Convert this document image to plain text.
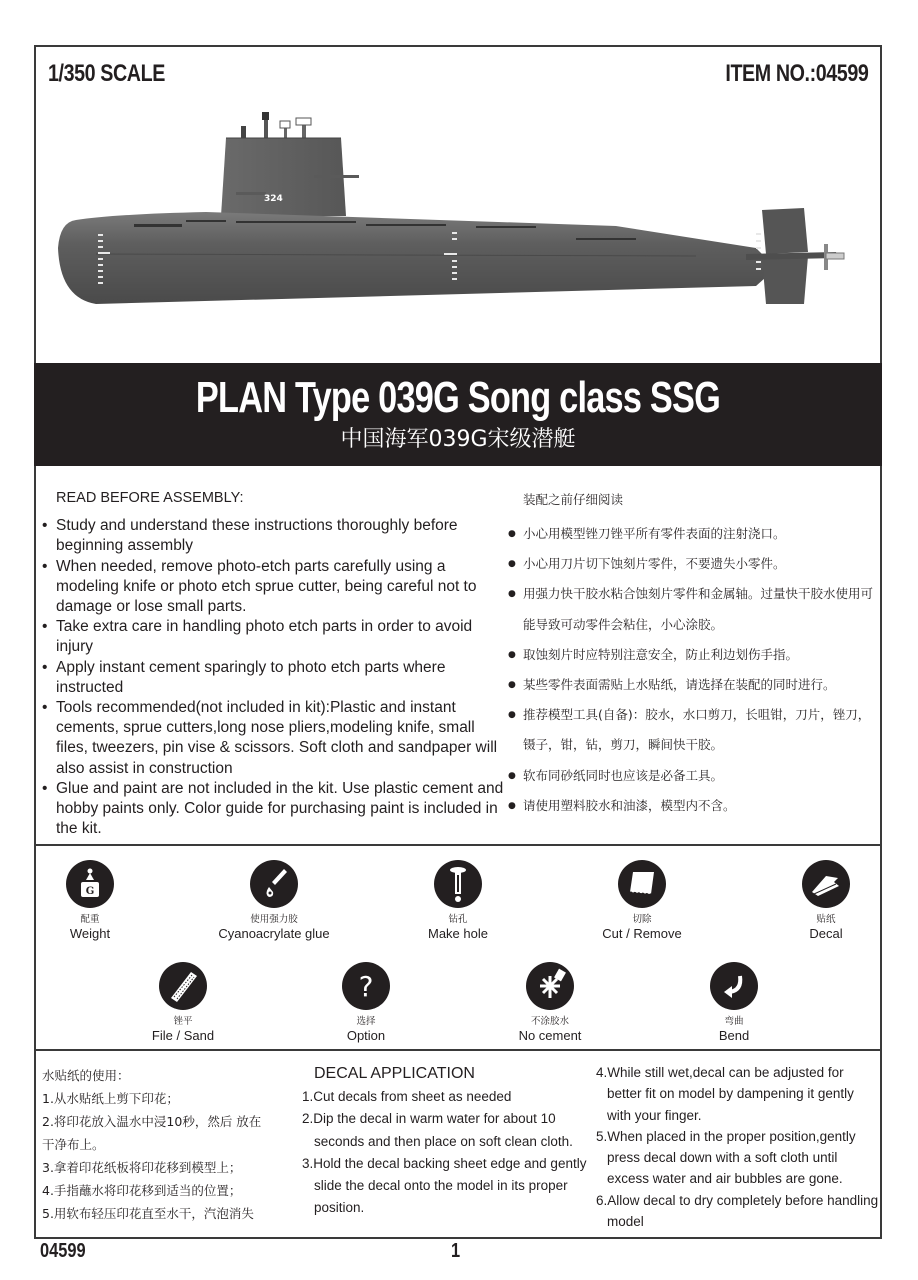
1/350 SCALE	ITEM NO.:04599
324
PLAN Type 039G Song class SSG
中国海军039G宋级潜艇
READ BEFORE ASSEMBLY:
• Study and understand these instructions thoroughly before beginning assembly
• When needed, remove photo-etch parts carefully using a modeling knife or photo etch sprue cutter, being careful not to damage or lose small parts.
• Take extra care in handling photo etch parts in order to avoid injury
• Apply instant cement sparingly to photo etch parts where instructed
• Tools recommended(not included in kit):Plastic and instant cements, sprue cutters,long nose pliers,modeling knife, small files, tweezers, pin vise & scissors. Soft cloth and sandpaper will also assist in construction
• Glue and paint are not included in the kit. Use plastic cement and hobby paints only. Color guide for purchasing paint is included in the kit.
装配之前仔细阅读
● 小心用模型锉刀锉平所有零件表面的注射浇口。
● 小心用刀片切下蚀刻片零件，不要遗失小零件。
● 用强力快干胶水粘合蚀刻片零件和金属轴。过量快干胶水使用可能导致可动零件会粘住，小心涂胶。
● 取蚀刻片时应特别注意安全，防止利边划伤手指。
● 某些零件表面需贴上水贴纸，请选择在装配的同时进行。
● 推荐模型工具(自备)：胶水，水口剪刀，长咀钳，刀片，锉刀，镊子，钳，钻，剪刀，瞬间快干胶。
● 软布同砂纸同时也应该是必备工具。
● 请使用塑料胶水和油漆，模型内不含。
G
配重
Weight
使用强力胶
Cyanoacrylate glue
钻孔
Make hole
切除
Cut / Remove
贴纸
Decal
锉平
File / Sand
?
选择
Option
不涂胶水
No cement
弯曲
Bend
水贴纸的使用：
1.从水贴纸上剪下印花；
2.将印花放入温水中浸10秒，然后 放在干净布上。
3.拿着印花纸板将印花移到模型上；
4.手指蘸水将印花移到适当的位置；
5.用软布轻压印花直至水干，汽泡消失
DECAL APPLICATION
1.Cut decals from sheet as needed
2.Dip the decal in warm water for about 10 seconds and then place on soft clean cloth.
3.Hold the decal backing sheet edge and gently slide the decal onto the model in its proper position.
4.While still wet,decal can be adjusted for better fit on model by dampening it gently with your finger.
5.When placed in the proper position,gently press decal down with a soft cloth until excess water and air bubbles are gone.
6.Allow decal to dry completely before handling model
04599	1
